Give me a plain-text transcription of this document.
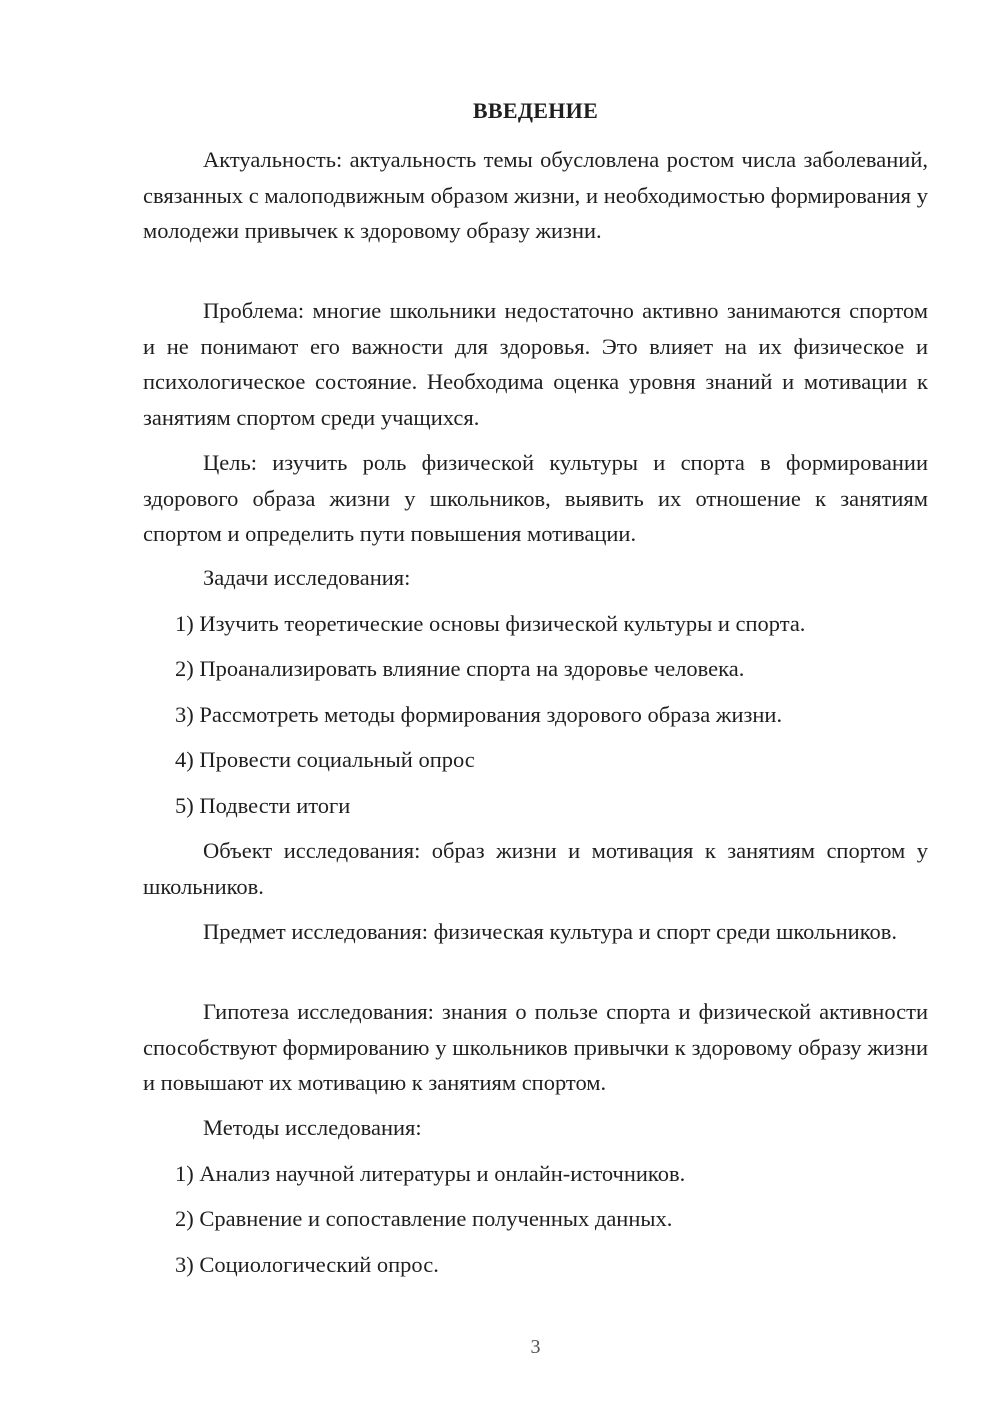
ВВЕДЕНИЕ

Актуальность: актуальность темы обусловлена ростом числа заболеваний, связанных с малоподвижным образом жизни, и необходимостью формирования у молодежи привычек к здоровому образу жизни.

Проблема: многие школьники недостаточно активно занимаются спортом и не понимают его важности для здоровья. Это влияет на их физическое и психологическое состояние. Необходима оценка уровня знаний и мотивации к занятиям спортом среди учащихся.

Цель: изучить роль физической культуры и спорта в формировании здорового образа жизни у школьников, выявить их отношение к занятиям спортом и определить пути повышения мотивации.

Задачи исследования:

1) Изучить теоретические основы физической культуры и спорта.

2) Проанализировать влияние спорта на здоровье человека.

3) Рассмотреть методы формирования здорового образа жизни.

4) Провести социальный опрос

5) Подвести итоги

Объект исследования: образ жизни и мотивация к занятиям спортом у школьников.

Предмет исследования: физическая культура и спорт среди школьников.

Гипотеза исследования: знания о пользе спорта и физической активности способствуют формированию у школьников привычки к здоровому образу жизни и повышают их мотивацию к занятиям спортом.

Методы исследования:

1) Анализ научной литературы и онлайн-источников.

2) Сравнение и сопоставление полученных данных.

3) Социологический опрос.

3
